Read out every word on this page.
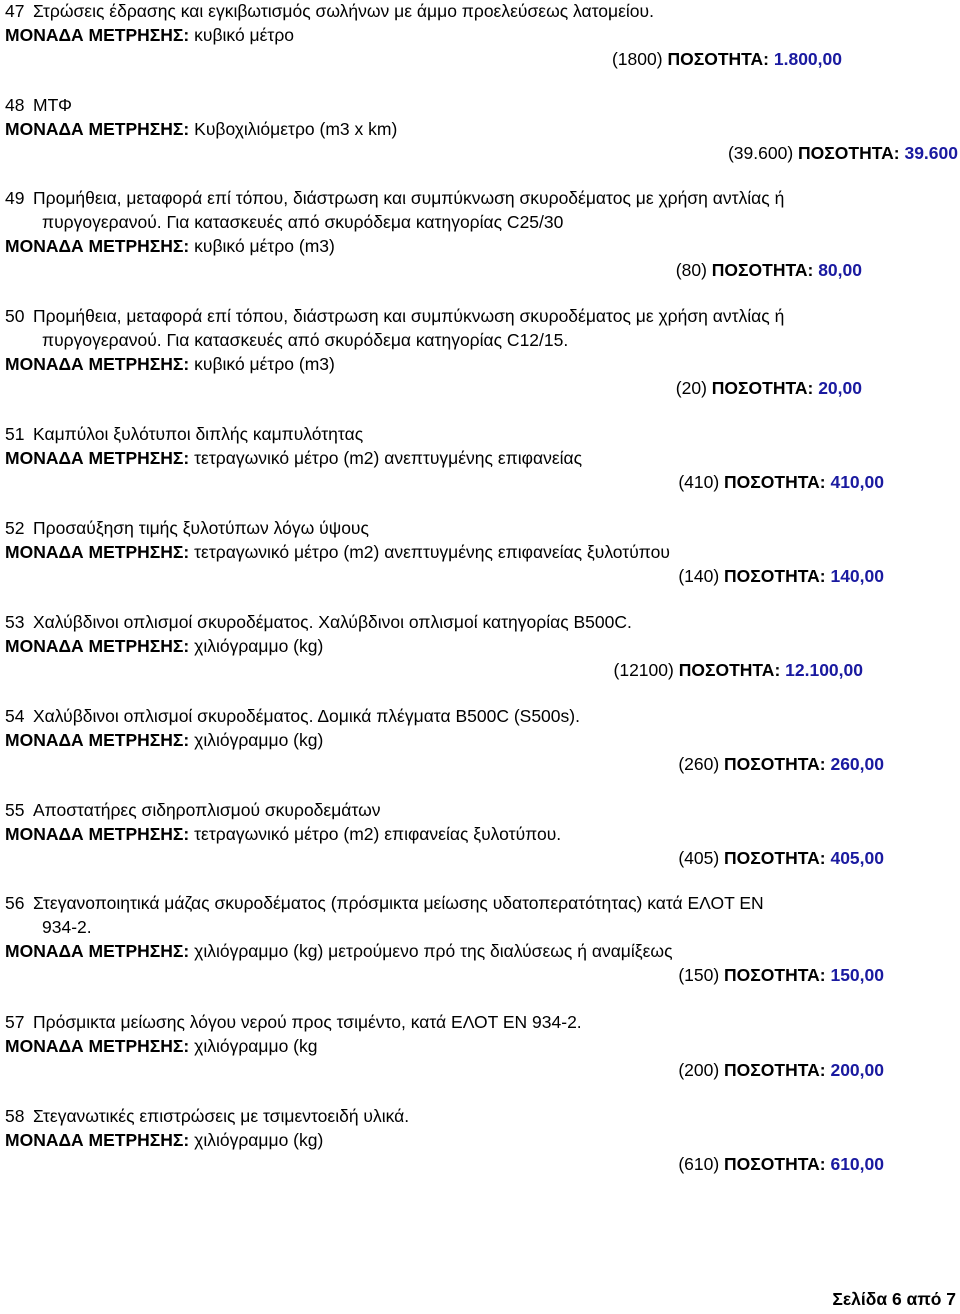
47 Στρώσεις έδρασης και εγκιβωτισμός σωλήνων με άμμο προελεύσεως λατομείου.
ΜΟΝΑΔΑ ΜΕΤΡΗΣΗΣ: κυβικό μέτρο
(1800) ΠΟΣΟΤΗΤΑ: 1.800,00
48 ΜΤΦ
ΜΟΝΑΔΑ ΜΕΤΡΗΣΗΣ: Κυβοχιλιόμετρο (m3 x km)
(39.600) ΠΟΣΟΤΗΤΑ: 39.600
49 Προμήθεια, μεταφορά επί τόπου, διάστρωση και συμπύκνωση σκυροδέματος με χρήση αντλίας ή
πυργογερανού. Για κατασκευές από σκυρόδεμα κατηγορίας C25/30
ΜΟΝΑΔΑ ΜΕΤΡΗΣΗΣ: κυβικό μέτρο (m3)
(80) ΠΟΣΟΤΗΤΑ: 80,00
50 Προμήθεια, μεταφορά επί τόπου, διάστρωση και συμπύκνωση σκυροδέματος με χρήση αντλίας ή
πυργογερανού. Για κατασκευές από σκυρόδεμα κατηγορίας C12/15.
ΜΟΝΑΔΑ ΜΕΤΡΗΣΗΣ: κυβικό μέτρο (m3)
(20) ΠΟΣΟΤΗΤΑ: 20,00
51 Καμπύλοι ξυλότυποι διπλής καμπυλότητας
ΜΟΝΑΔΑ ΜΕΤΡΗΣΗΣ: τετραγωνικό μέτρο (m2) ανεπτυγμένης επιφανείας
(410) ΠΟΣΟΤΗΤΑ: 410,00
52 Προσαύξηση τιμής ξυλοτύπων λόγω ύψους
ΜΟΝΑΔΑ ΜΕΤΡΗΣΗΣ: τετραγωνικό μέτρο (m2) ανεπτυγμένης επιφανείας ξυλοτύπου
(140) ΠΟΣΟΤΗΤΑ: 140,00
53 Χαλύβδινοι οπλισμοί σκυροδέματος. Χαλύβδινοι οπλισμοί κατηγορίας B500C.
ΜΟΝΑΔΑ ΜΕΤΡΗΣΗΣ: χιλιόγραμμο (kg)
(12100) ΠΟΣΟΤΗΤΑ: 12.100,00
54 Χαλύβδινοι οπλισμοί σκυροδέματος. Δομικά πλέγματα B500C (S500s).
ΜΟΝΑΔΑ ΜΕΤΡΗΣΗΣ: χιλιόγραμμο (kg)
(260) ΠΟΣΟΤΗΤΑ: 260,00
55 Αποστατήρες σιδηροπλισμού σκυροδεμάτων
ΜΟΝΑΔΑ ΜΕΤΡΗΣΗΣ: τετραγωνικό μέτρο (m2) επιφανείας ξυλοτύπου.
(405) ΠΟΣΟΤΗΤΑ: 405,00
56 Στεγανοποιητικά μάζας σκυροδέματος (πρόσμικτα μείωσης υδατοπερατότητας) κατά ΕΛΟΤ ΕΝ
934-2.
ΜΟΝΑΔΑ ΜΕΤΡΗΣΗΣ: χιλιόγραμμο (kg) μετρούμενο πρό της διαλύσεως ή αναμίξεως
(150) ΠΟΣΟΤΗΤΑ: 150,00
57 Πρόσμικτα μείωσης λόγου νερού προς τσιμέντο, κατά ΕΛΟΤ ΕΝ 934-2.
ΜΟΝΑΔΑ ΜΕΤΡΗΣΗΣ: χιλιόγραμμο (kg
(200) ΠΟΣΟΤΗΤΑ: 200,00
58 Στεγανωτικές επιστρώσεις με τσιμεντοειδή υλικά.
ΜΟΝΑΔΑ ΜΕΤΡΗΣΗΣ: χιλιόγραμμο (kg)
(610) ΠΟΣΟΤΗΤΑ: 610,00
Σελίδα 6 από 7
